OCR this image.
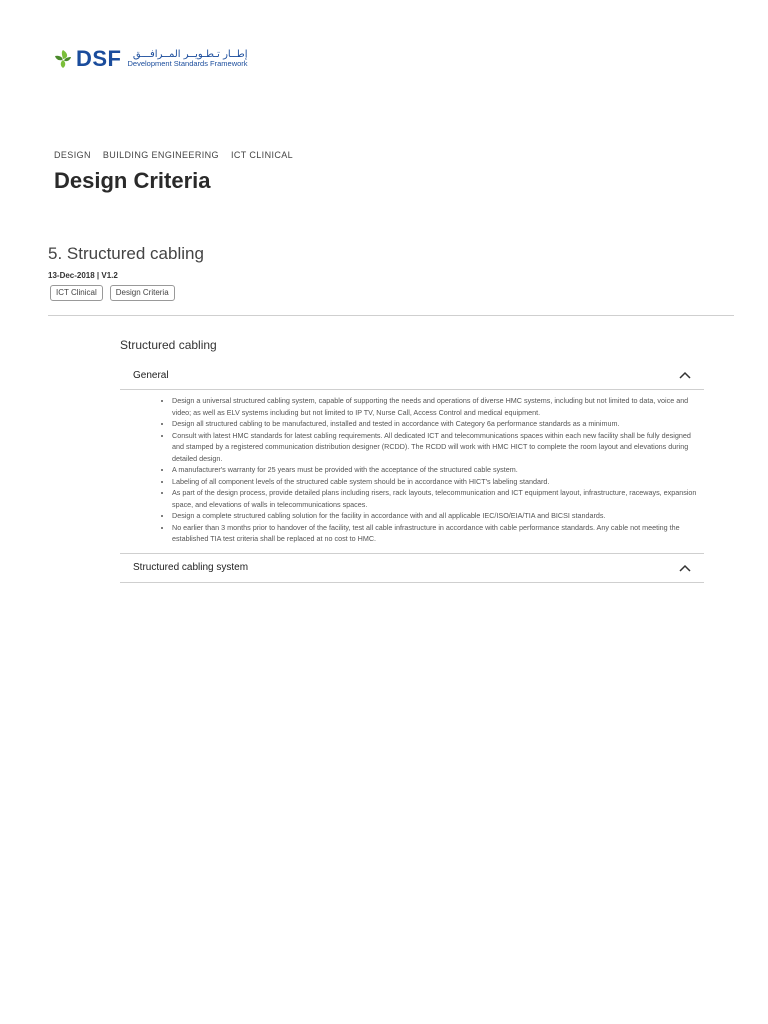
DSF	إطــار تـطـويــر المــرافـــق
Development Standards Framework
DESIGN BUILDING ENGINEERING ICT CLINICAL
Design Criteria
5. Structured cabling
13-Dec-2018 | V1.2
ICT Clinical	Design Criteria
Structured cabling
General
• Design a universal structured cabling system, capable of supporting the needs and operations of diverse HMC systems, including but not limited to data, voice and video; as well as ELV systems including but not limited to IP TV, Nurse Call, Access Control and medical equipment.
• Design all structured cabling to be manufactured, installed and tested in accordance with Category 6a performance standards as a minimum.
• Consult with latest HMC standards for latest cabling requirements. All dedicated ICT and telecommunications spaces within each new facility shall be fully designed and stamped by a registered communication distribution designer (RCDD). The RCDD will work with HMC HICT to complete the room layout and elevations during detailed design.
• A manufacturer's warranty for 25 years must be provided with the acceptance of the structured cable system.
• Labeling of all component levels of the structured cable system should be in accordance with HICT's labeling standard.
• As part of the design process, provide detailed plans including risers, rack layouts, telecommunication and ICT equipment layout, infrastructure, raceways, expansion space, and elevations of walls in telecommunications spaces.
• Design a complete structured cabling solution for the facility in accordance with and all applicable IEC/ISO/EIA/TIA and BICSI standards.
• No earlier than 3 months prior to handover of the facility, test all cable infrastructure in accordance with cable performance standards. Any cable not meeting the established TIA test criteria shall be replaced at no cost to HMC.
Structured cabling system
